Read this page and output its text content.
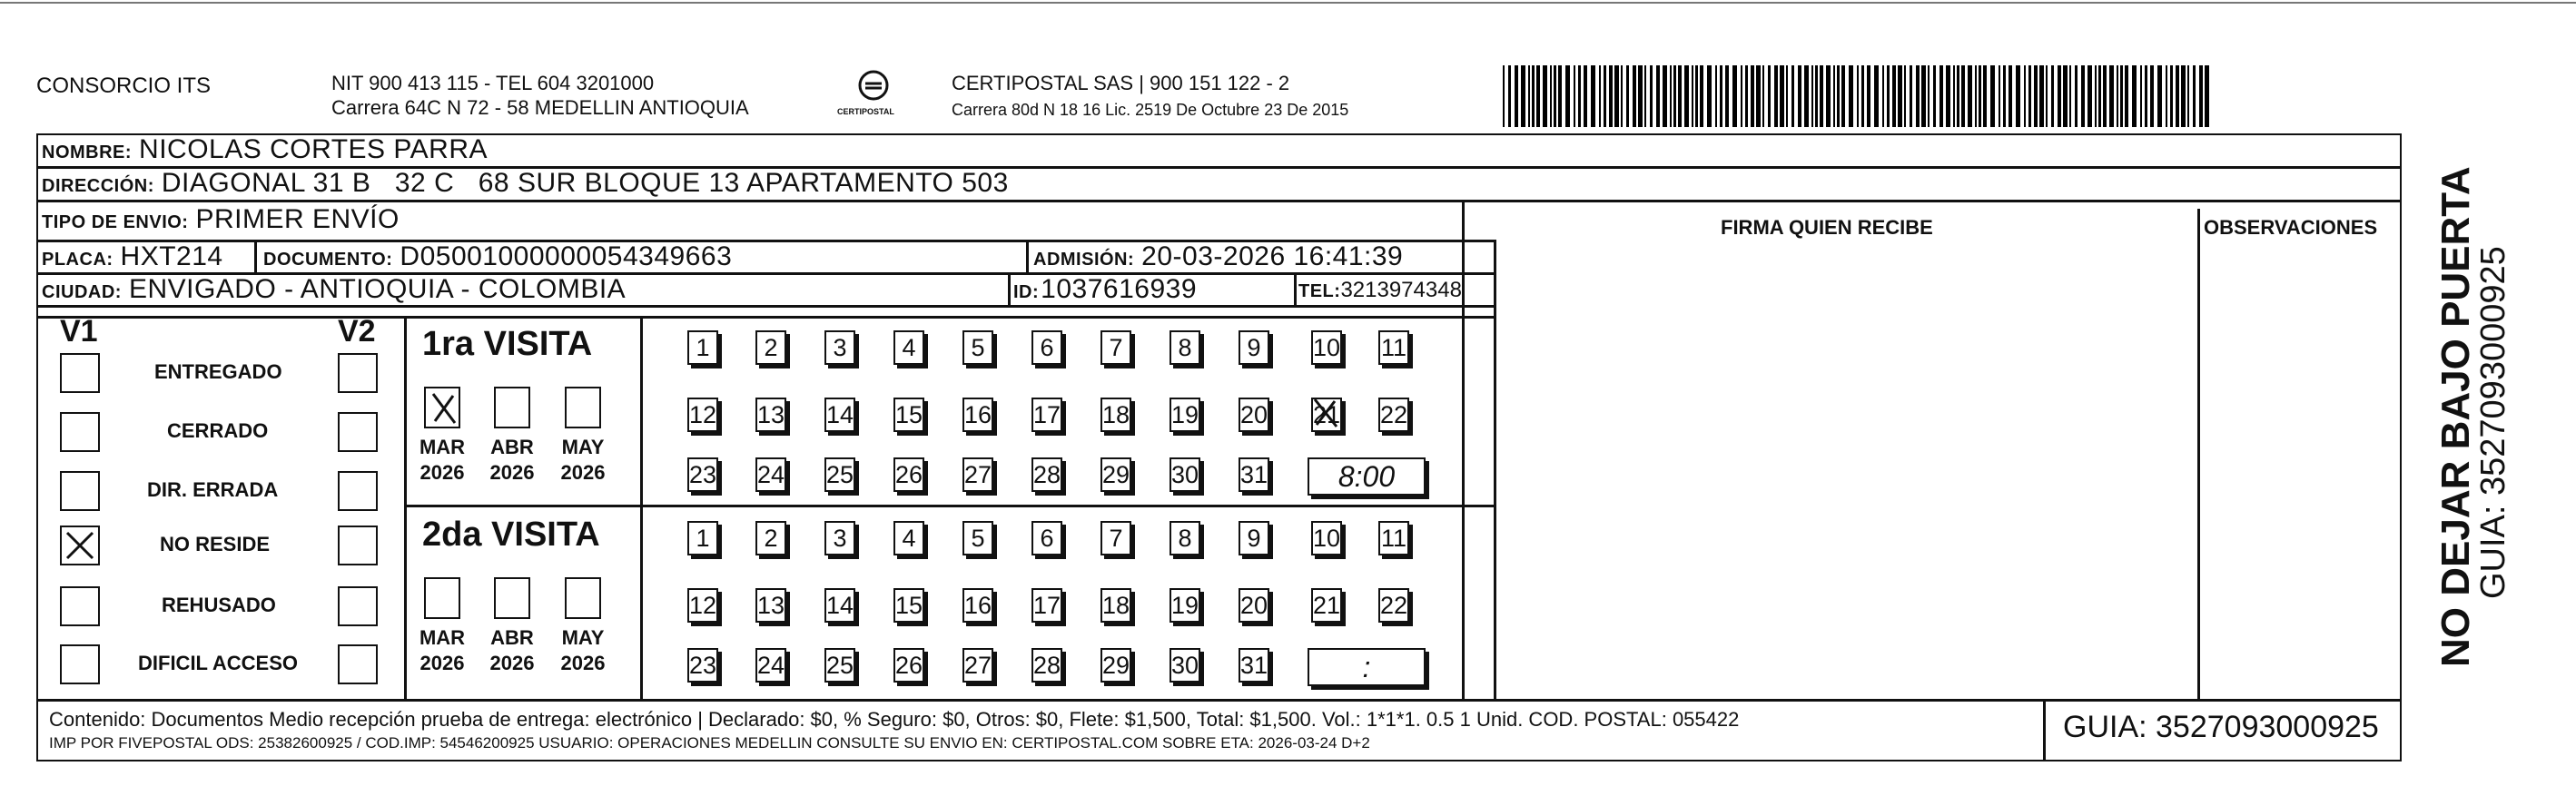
CONSORCIO ITS	NIT 900 413 115 - TEL 604 3201000
Carrera 64C N 72 - 58 MEDELLIN ANTIOQUIA	CERTIPOSTAL
CERTIPOSTAL SAS | 900 151 122 - 2
Carrera 80d N 18 16 Lic. 2519 De Octubre 23 De 2015
NOMBRE: NICOLAS CORTES PARRA
DIRECCIÓN: DIAGONAL 31 B   32 C   68 SUR BLOQUE 13 APARTAMENTO 503
TIPO DE ENVIO: PRIMER ENVÍO	FIRMA QUIEN RECIBE	OBSERVACIONES
PLACA: HXT214 DOCUMENTO: D05001000000054349663	ADMISIÓN: 20-03-2026 16:41:39
CIUDAD: ENVIGADO - ANTIOQUIA - COLOMBIA	ID: 1037616939	TEL: 3213974348
V1	V2
ENTREGADO
CERRADO
DIR. ERRADA
NO RESIDE
REHUSADO
DIFICIL ACCESO
1ra VISITA
MAR
2026
ABR
2026
MAY
2026
1	2	3	4	5	6	7	8	9	10 11
12 13 14 15 16 17 18 19 20 21 22
23 24 25 26 27 28 29 30 31	8:00
2da VISITA
MAR
2026
ABR
2026
MAY
2026
1	2	3	4	5	6	7	8	9	10 11
12 13 14 15 16 17 18 19 20 21 22
23 24 25 26 27 28 29 30 31	:
Contenido: Documentos Medio recepción prueba de entrega: electrónico | Declarado: $0, % Seguro: $0, Otros: $0, Flete: $1,500, Total: $1,500. Vol.: 1*1*1. 0.5 1 Unid. COD. POSTAL: 055422
IMP POR FIVEPOSTAL ODS: 25382600925 / COD.IMP: 54546200925 USUARIO: OPERACIONES MEDELLIN CONSULTE SU ENVIO EN: CERTIPOSTAL.COM SOBRE ETA: 2026-03-24 D+2	GUIA: 3527093000925
NO DEJAR BAJO PUERTA
GUIA: 3527093000925
